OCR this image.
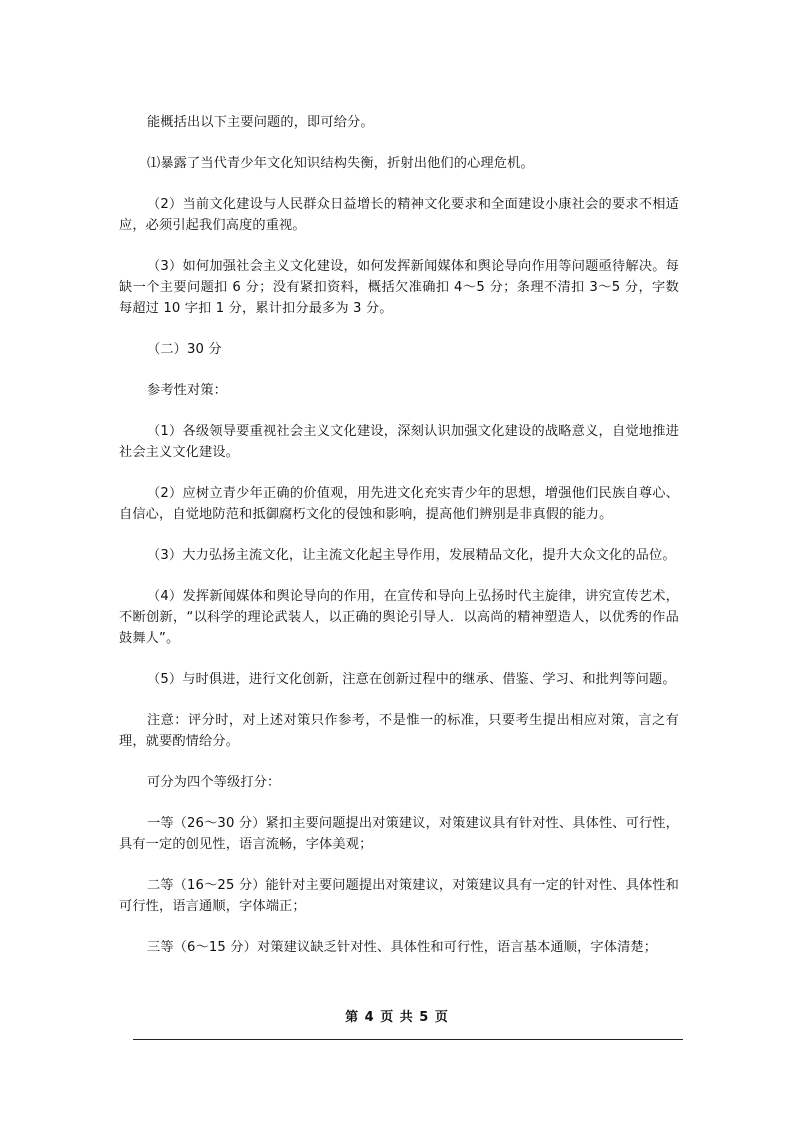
能概括出以下主要问题的，即可给分。

⑴暴露了当代青少年文化知识结构失衡，折射出他们的心理危机。

（2）当前文化建设与人民群众日益增长的精神文化要求和全面建设小康社会的要求不相适应，必须引起我们高度的重视。

（3）如何加强社会主义文化建设，如何发挥新闻媒体和舆论导向作用等问题亟待解决。每缺一个主要问题扣 6 分；没有紧扣资料，概括欠准确扣 4～5 分；条理不清扣 3～5 分，字数每超过 10 字扣 1 分，累计扣分最多为 3 分。

（二）30 分

参考性对策：

（1）各级领导要重视社会主义文化建设，深刻认识加强文化建设的战略意义，自觉地推进社会主义文化建设。

（2）应树立青少年正确的价值观，用先进文化充实青少年的思想，增强他们民族自尊心、自信心，自觉地防范和抵御腐朽文化的侵蚀和影响，提高他们辨别是非真假的能力。

（3）大力弘扬主流文化，让主流文化起主导作用，发展精品文化，提升大众文化的品位。

（4）发挥新闻媒体和舆论导向的作用，在宣传和导向上弘扬时代主旋律，讲究宣传艺术，不断创新，“以科学的理论武装人，以正确的舆论引导人．以高尚的精神塑造人，以优秀的作品鼓舞人”。

（5）与时俱进，进行文化创新，注意在创新过程中的继承、借鉴、学习、和批判等问题。

注意：评分时，对上述对策只作参考，不是惟一的标准，只要考生提出相应对策，言之有理，就要酌情给分。

可分为四个等级打分：

一等（26～30 分）紧扣主要问题提出对策建议，对策建议具有针对性、具体性、可行性，具有一定的创见性，语言流畅，字体美观；

二等（16～25 分）能针对主要问题提出对策建议，对策建议具有一定的针对性、具体性和可行性，语言通顺，字体端正；

三等（6～15 分）对策建议缺乏针对性、具体性和可行性，语言基本通顺，字体清楚；

第 4 页 共 5 页
